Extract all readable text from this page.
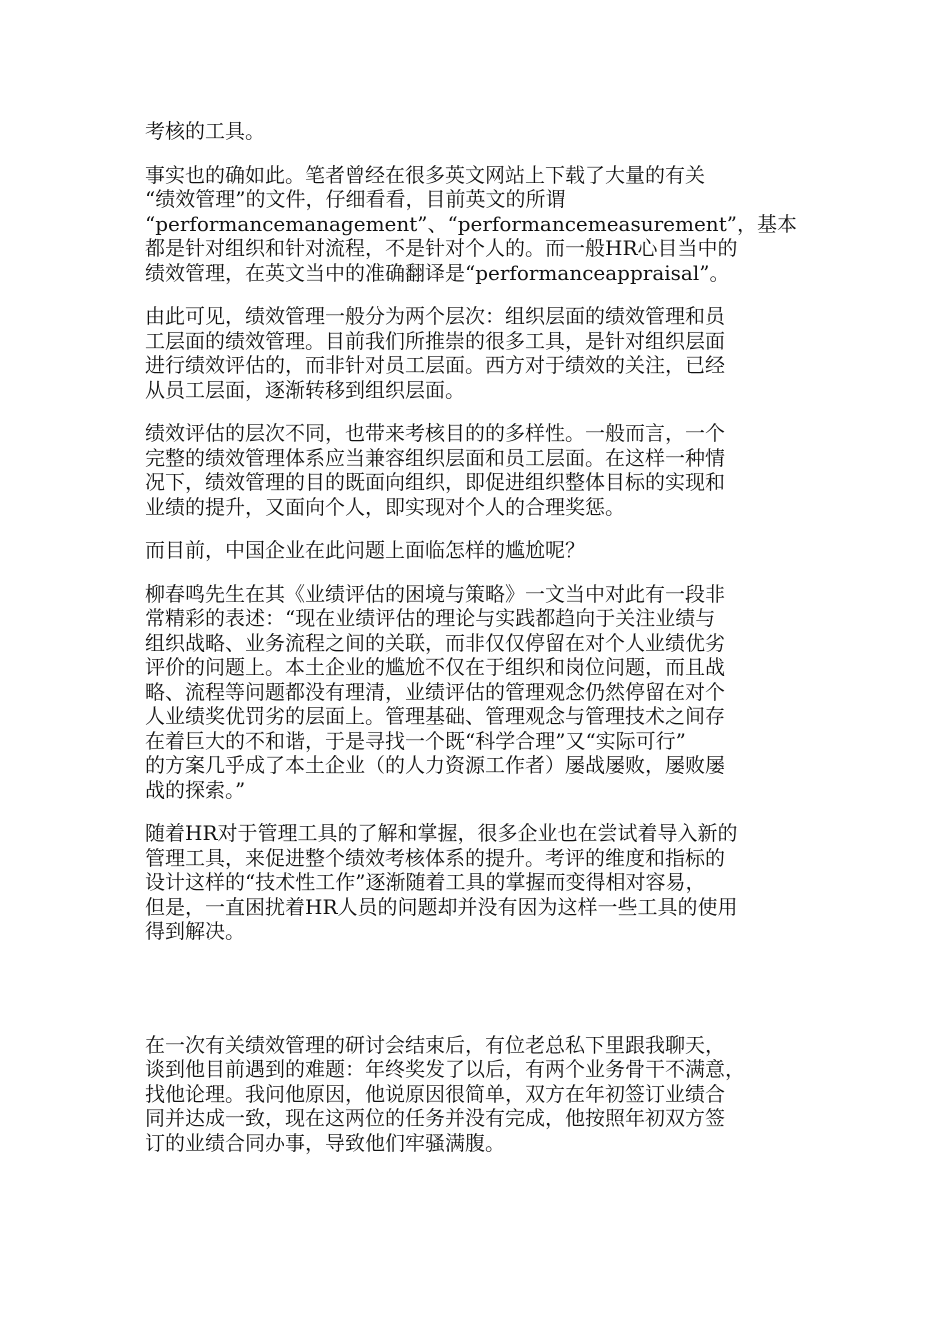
考核的工具。

事实也的确如此。笔者曾经在很多英文网站上下载了大量的有关
“绩效管理”的文件，仔细看看，目前英文的所谓
“performancemanagement”、“performancemeasurement”，基本
都是针对组织和针对流程，不是针对个人的。而一般HR心目当中的
绩效管理，在英文当中的准确翻译是“performanceappraisal”。

由此可见，绩效管理一般分为两个层次：组织层面的绩效管理和员
工层面的绩效管理。目前我们所推崇的很多工具，是针对组织层面
进行绩效评估的，而非针对员工层面。西方对于绩效的关注，已经
从员工层面，逐渐转移到组织层面。

绩效评估的层次不同，也带来考核目的的多样性。一般而言，一个
完整的绩效管理体系应当兼容组织层面和员工层面。在这样一种情
况下，绩效管理的目的既面向组织，即促进组织整体目标的实现和
业绩的提升，又面向个人，即实现对个人的合理奖惩。

而目前，中国企业在此问题上面临怎样的尴尬呢？

柳春鸣先生在其《业绩评估的困境与策略》一文当中对此有一段非
常精彩的表述：“现在业绩评估的理论与实践都趋向于关注业绩与
组织战略、业务流程之间的关联，而非仅仅停留在对个人业绩优劣
评价的问题上。本土企业的尴尬不仅在于组织和岗位问题，而且战
略、流程等问题都没有理清，业绩评估的管理观念仍然停留在对个
人业绩奖优罚劣的层面上。管理基础、管理观念与管理技术之间存
在着巨大的不和谐，于是寻找一个既“科学合理”又“实际可行”
的方案几乎成了本土企业（的人力资源工作者）屡战屡败，屡败屡
战的探索。”

随着HR对于管理工具的了解和掌握，很多企业也在尝试着导入新的
管理工具，来促进整个绩效考核体系的提升。考评的维度和指标的
设计这样的“技术性工作”逐渐随着工具的掌握而变得相对容易，
但是，一直困扰着HR人员的问题却并没有因为这样一些工具的使用
得到解决。

在一次有关绩效管理的研讨会结束后，有位老总私下里跟我聊天，
谈到他目前遇到的难题：年终奖发了以后，有两个业务骨干不满意，
找他论理。我问他原因，他说原因很简单，双方在年初签订业绩合
同并达成一致，现在这两位的任务并没有完成，他按照年初双方签
订的业绩合同办事，导致他们牢骚满腹。
